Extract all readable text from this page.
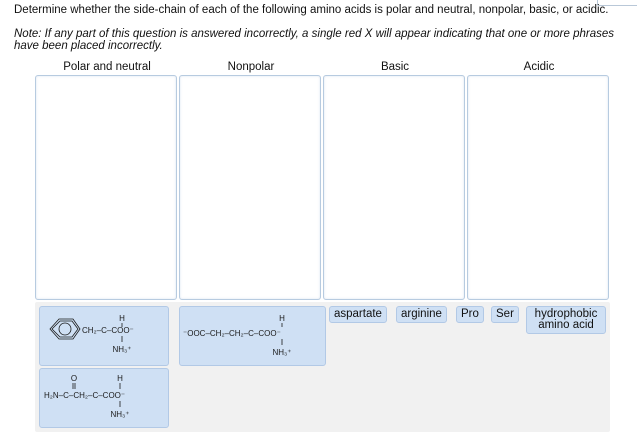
Determine whether the side-chain of each of the following amino acids is polar and neutral, nonpolar, basic, or acidic.
Note: If any part of this question is answered incorrectly, a single red X will appear indicating that one or more phrases have been placed incorrectly.
Polar and neutral	Nonpolar	Basic	Acidic
H
CH₂–C–COO⁻
NH₃⁺
H
⁻OOC–CH₂–CH₂–C–COO⁻
NH₃⁺
O	H
H₂N–C–CH₂–C–COO⁻
NH₃⁺
aspartate	arginine	Pro	Ser	hydrophobic amino acid
